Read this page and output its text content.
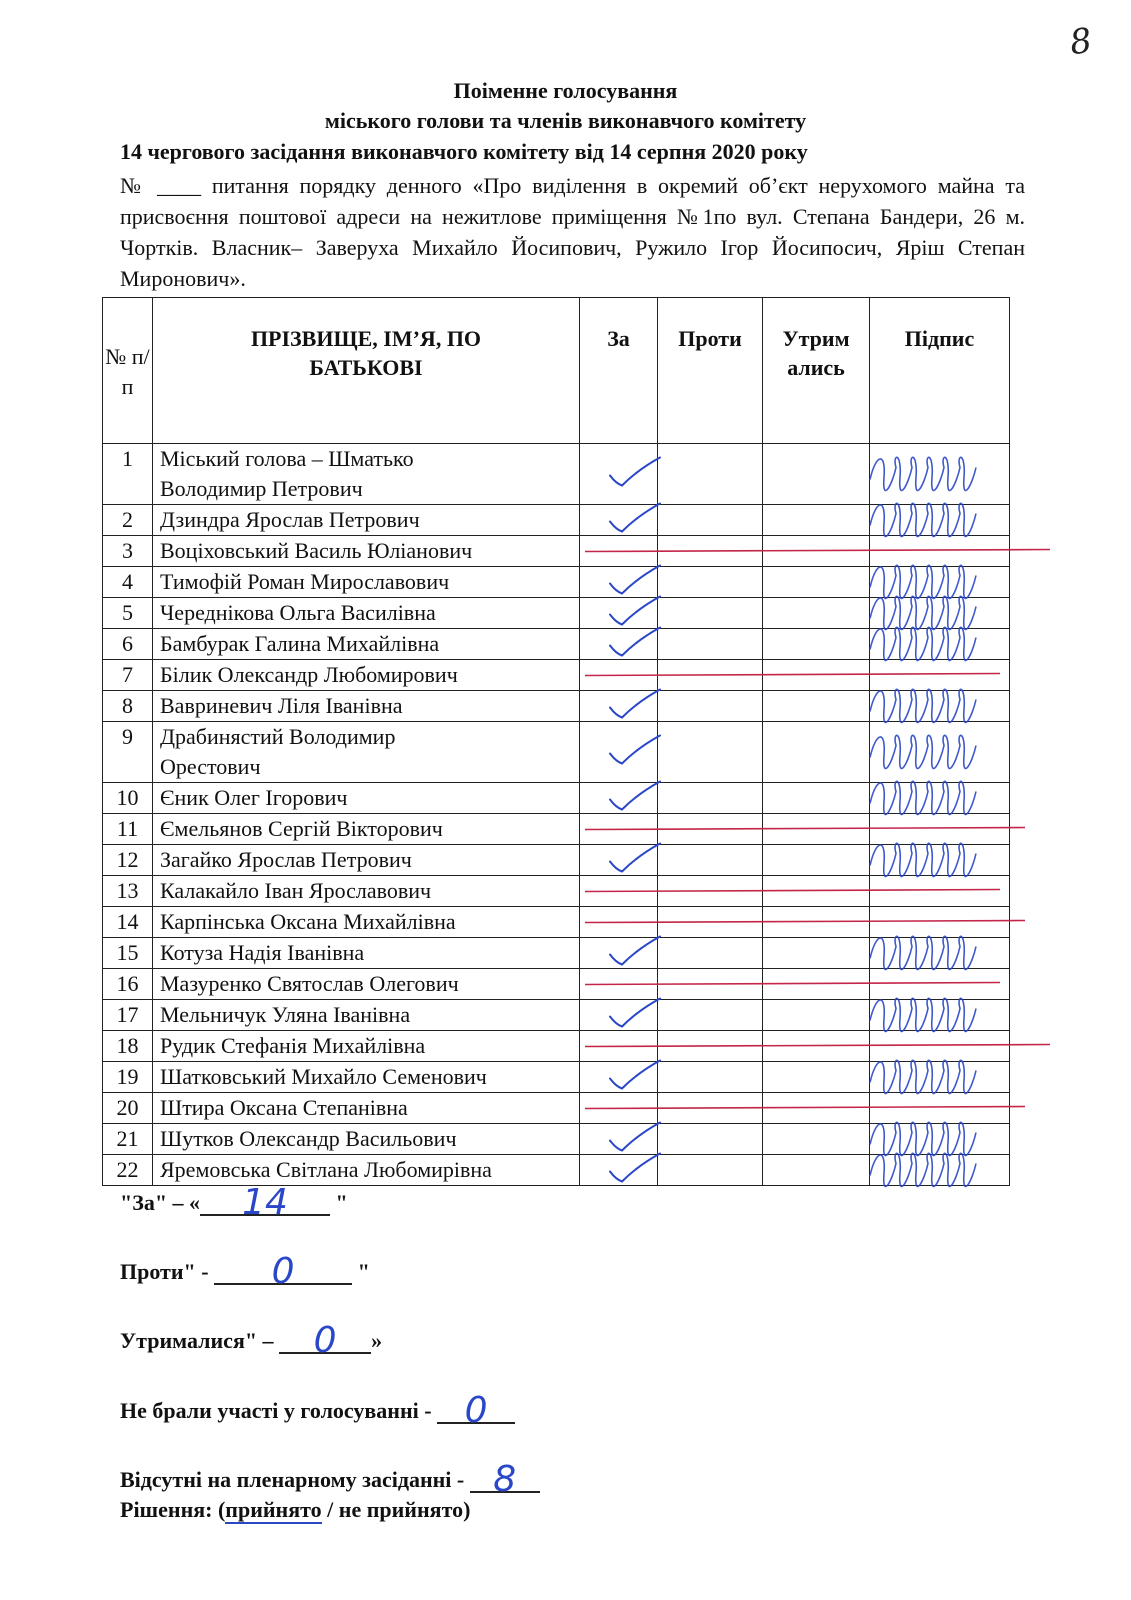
8
Поіменне голосування
міського голови та членів виконавчого комітету
14 чергового засідання виконавчого комітету від 14 серпня 2020 року
№ ____ питання порядку денного «Про виділення в окремий об’єкт нерухомого майна та присвоєння поштової адреси на нежитлове приміщення №1по вул. Степана Бандери, 26 м. Чортків. Власник– Заверуха Михайло Йосипович, Ружило Ігор Йосипосич, Яріш Степан Миронович».
№ п/п	ПРІЗВИЩЕ, ІМ’Я, ПО БАТЬКОВІ	За	Проти	Утрим ались	Підпис
1	Міський голова – Шматько
Володимир Петрович				

2	Дзиндра Ярослав Петрович				

3	Воціховський Василь Юліанович				

4	Тимофій Роман Мирославович				

5	Череднікова Ольга Василівна				

6	Бамбурак Галина Михайлівна				

7	Білик Олександр Любомирович				

8	Вавриневич Ліля Іванівна				

9	Драбинястий Володимир
Орестович				

10	Єник Олег Ігорович				

11	Ємельянов Сергій Вікторович				

12	Загайко Ярослав Петрович				

13	Калакайло Іван Ярославович				

14	Карпінська Оксана Михайлівна				

15	Котуза Надія Іванівна				

16	Мазуренко Святослав Олегович				

17	Мельничук Уляна Іванівна				

18	Рудик Стефанія Михайлівна				

19	Шатковський Михайло Семенович				

20	Штира Оксана Степанівна				

21	Шутков Олександр Васильович				

22	Яремовська Світлана Любомирівна				

"За" – « 14 "
Проти" - 0	"
Утрималися" – 0 »
Не брали участі у голосуванні - 0
Відсутні на пленарному засіданні - 8
Рішення: (прийнято / не прийнято)
